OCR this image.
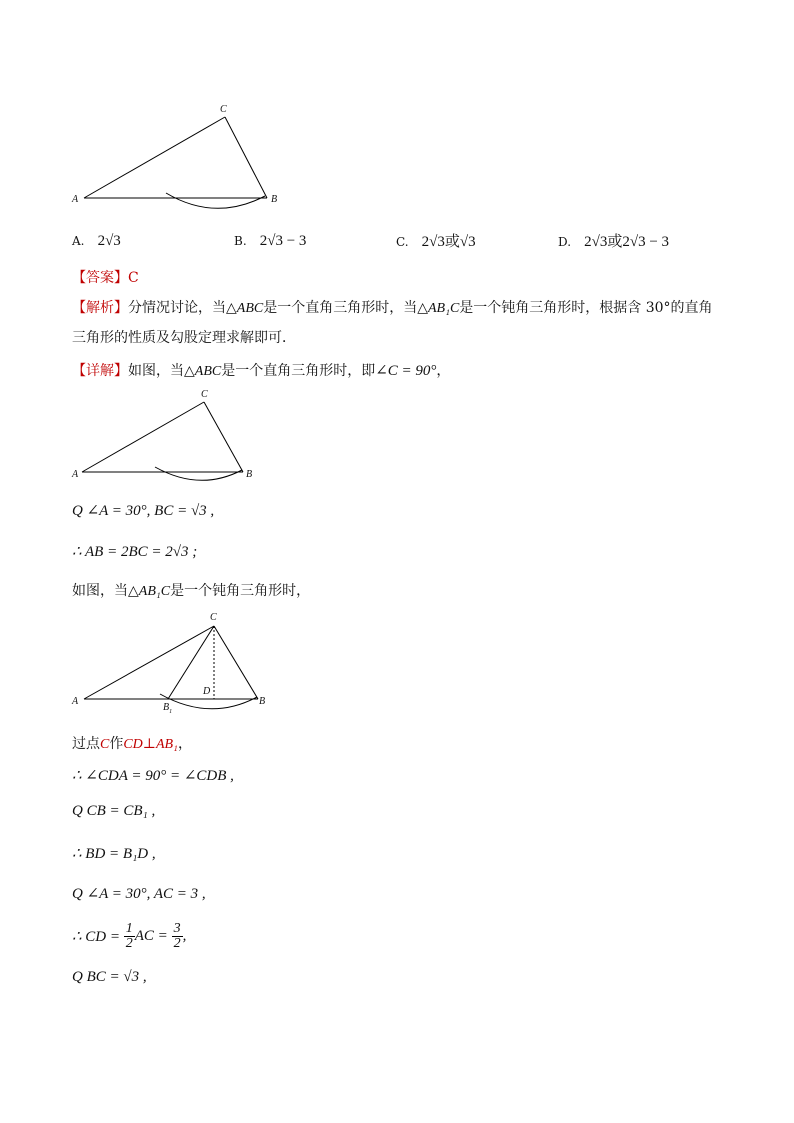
A	B
C
A. 2√3	B. 2√3 − 3	C. 2√3或√3	D. 2√3或2√3 − 3
【答案】C
【解析】分情况讨论，当△ABC是一个直角三角形时，当△AB₁C是一个钝角三角形时，根据含 30°的直角
三角形的性质及勾股定理求解即可．
【详解】如图，当△ABC是一个直角三角形时，即∠C = 90°，
A	B
C
Q ∠A = 30°, BC = √3 ,
∴ AB = 2BC = 2√3 ;
如图，当△AB₁C是一个钝角三角形时，
A	B
C
D
$B_1$
过点C作CD⊥AB₁，
∴ ∠CDA = 90° = ∠CDB ,
Q CB = CB₁ ,
∴ BD = B₁D ,
Q ∠A = 30°, AC = 3 ,
∴ CD = $\frac{1}{2}$ AC = $\frac{3}{2}$ ,
Q BC = √3 ,
